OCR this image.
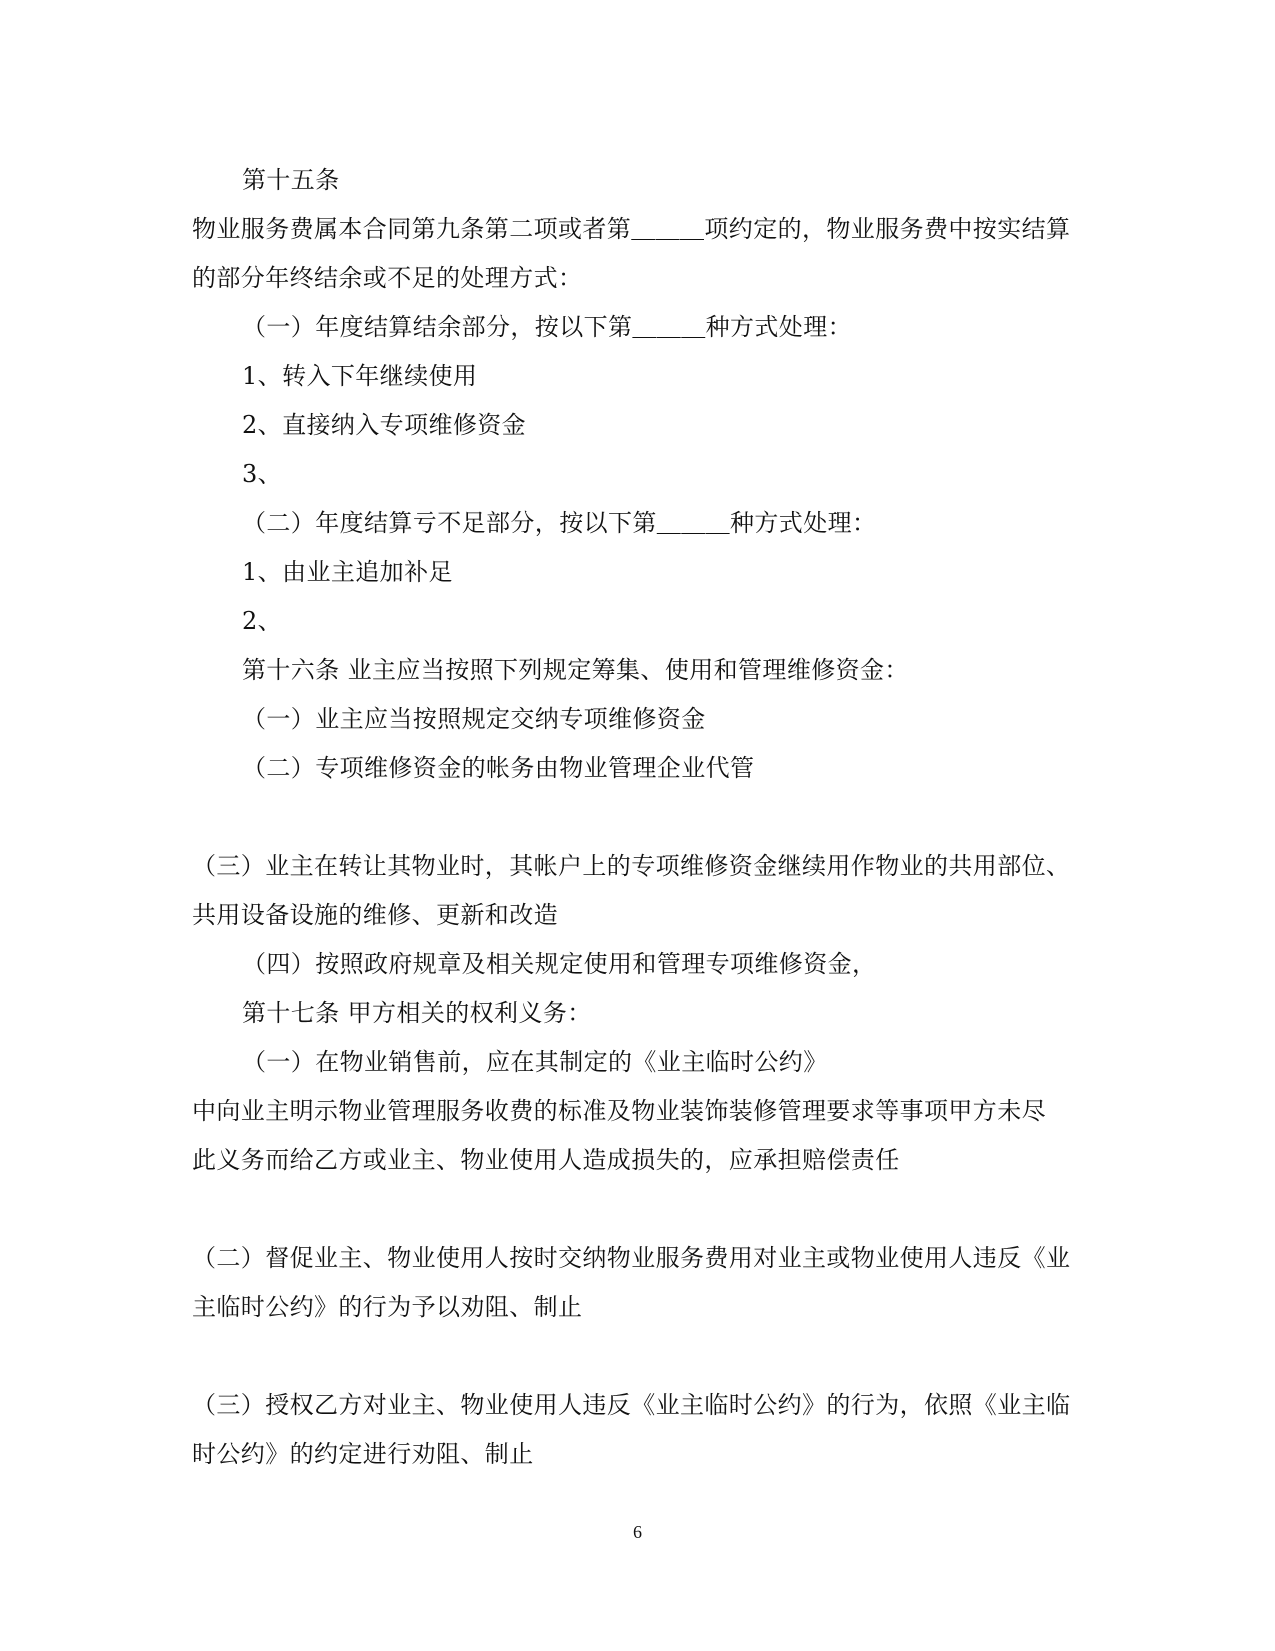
第十五条
物业服务费属本合同第九条第二项或者第＿＿＿项约定的，物业服务费中按实结算
的部分年终结余或不足的处理方式：
（一）年度结算结余部分，按以下第＿＿＿种方式处理：
1、转入下年继续使用
2、直接纳入专项维修资金
3、
（二）年度结算亏不足部分，按以下第＿＿＿种方式处理：
1、由业主追加补足
2、
第十六条 业主应当按照下列规定筹集、使用和管理维修资金：
（一）业主应当按照规定交纳专项维修资金
（二）专项维修资金的帐务由物业管理企业代管
（三）业主在转让其物业时，其帐户上的专项维修资金继续用作物业的共用部位、
共用设备设施的维修、更新和改造
（四）按照政府规章及相关规定使用和管理专项维修资金，
第十七条 甲方相关的权利义务：
（一）在物业销售前，应在其制定的《业主临时公约》
中向业主明示物业管理服务收费的标准及物业装饰装修管理要求等事项甲方未尽
此义务而给乙方或业主、物业使用人造成损失的，应承担赔偿责任
（二）督促业主、物业使用人按时交纳物业服务费用对业主或物业使用人违反《业
主临时公约》的行为予以劝阻、制止
（三）授权乙方对业主、物业使用人违反《业主临时公约》的行为，依照《业主临
时公约》的约定进行劝阻、制止
6
